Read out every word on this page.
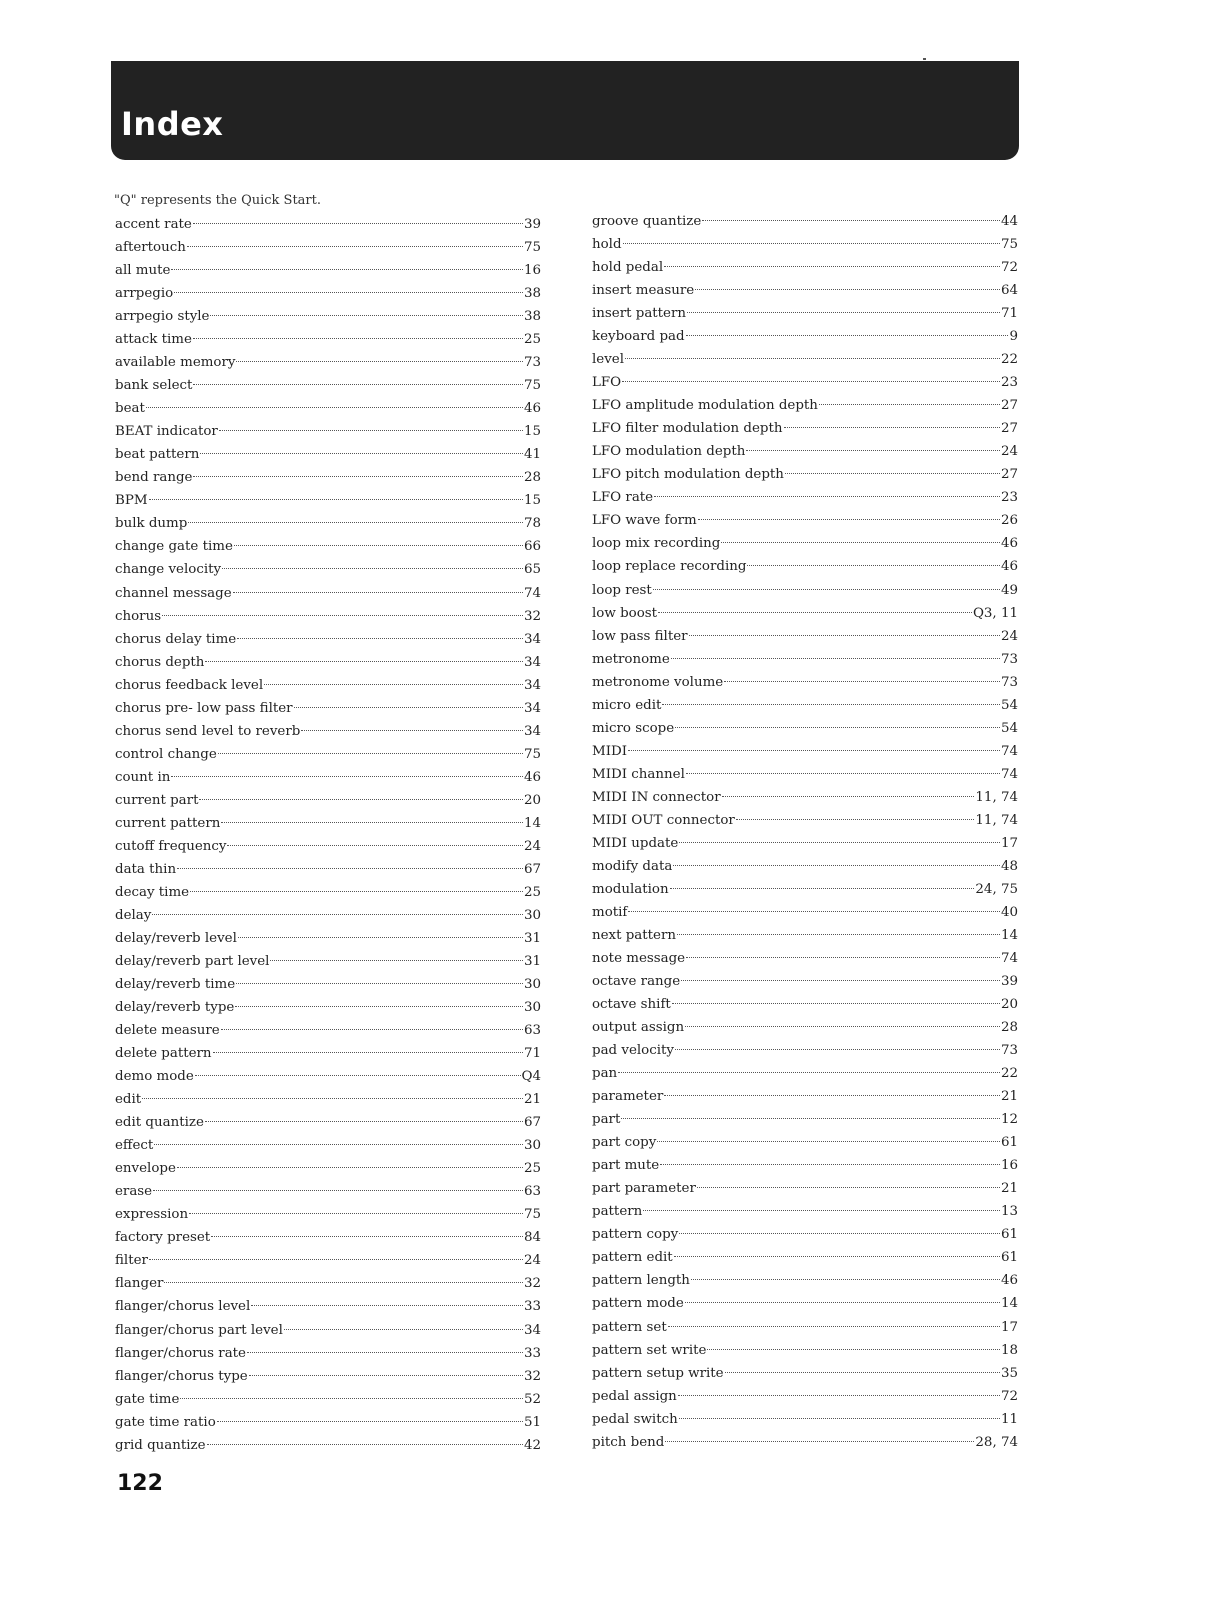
Index
"Q" represents the Quick Start.
accent rate	39
aftertouch	75
all mute	16
arrpegio	38
arrpegio style	38
attack time	25
available memory	73
bank select	75
beat	46
BEAT indicator	15
beat pattern	41
bend range	28
BPM	15
bulk dump	78
change gate time	66
change velocity	65
channel message	74
chorus	32
chorus delay time	34
chorus depth	34
chorus feedback level	34
chorus pre- low pass filter	34
chorus send level to reverb	34
control change	75
count in	46
current part	20
current pattern	14
cutoff frequency	24
data thin	67
decay time	25
delay	30
delay/reverb level	31
delay/reverb part level	31
delay/reverb time	30
delay/reverb type	30
delete measure	63
delete pattern	71
demo mode	Q4
edit	21
edit quantize	67
effect	30
envelope	25
erase	63
expression	75
factory preset	84
filter	24
flanger	32
flanger/chorus level	33
flanger/chorus part level	34
flanger/chorus rate	33
flanger/chorus type	32
gate time	52
gate time ratio	51
grid quantize	42
groove quantize	44
hold	75
hold pedal	72
insert measure	64
insert pattern	71
keyboard pad	9
level	22
LFO	23
LFO amplitude modulation depth	27
LFO filter modulation depth	27
LFO modulation depth	24
LFO pitch modulation depth	27
LFO rate	23
LFO wave form	26
loop mix recording	46
loop replace recording	46
loop rest	49
low boost	Q3, 11
low pass filter	24
metronome	73
metronome volume	73
micro edit	54
micro scope	54
MIDI	74
MIDI channel	74
MIDI IN connector	11, 74
MIDI OUT connector	11, 74
MIDI update	17
modify data	48
modulation	24, 75
motif	40
next pattern	14
note message	74
octave range	39
octave shift	20
output assign	28
pad velocity	73
pan	22
parameter	21
part	12
part copy	61
part mute	16
part parameter	21
pattern	13
pattern copy	61
pattern edit	61
pattern length	46
pattern mode	14
pattern set	17
pattern set write	18
pattern setup write	35
pedal assign	72
pedal switch	11
pitch bend	28, 74
122
